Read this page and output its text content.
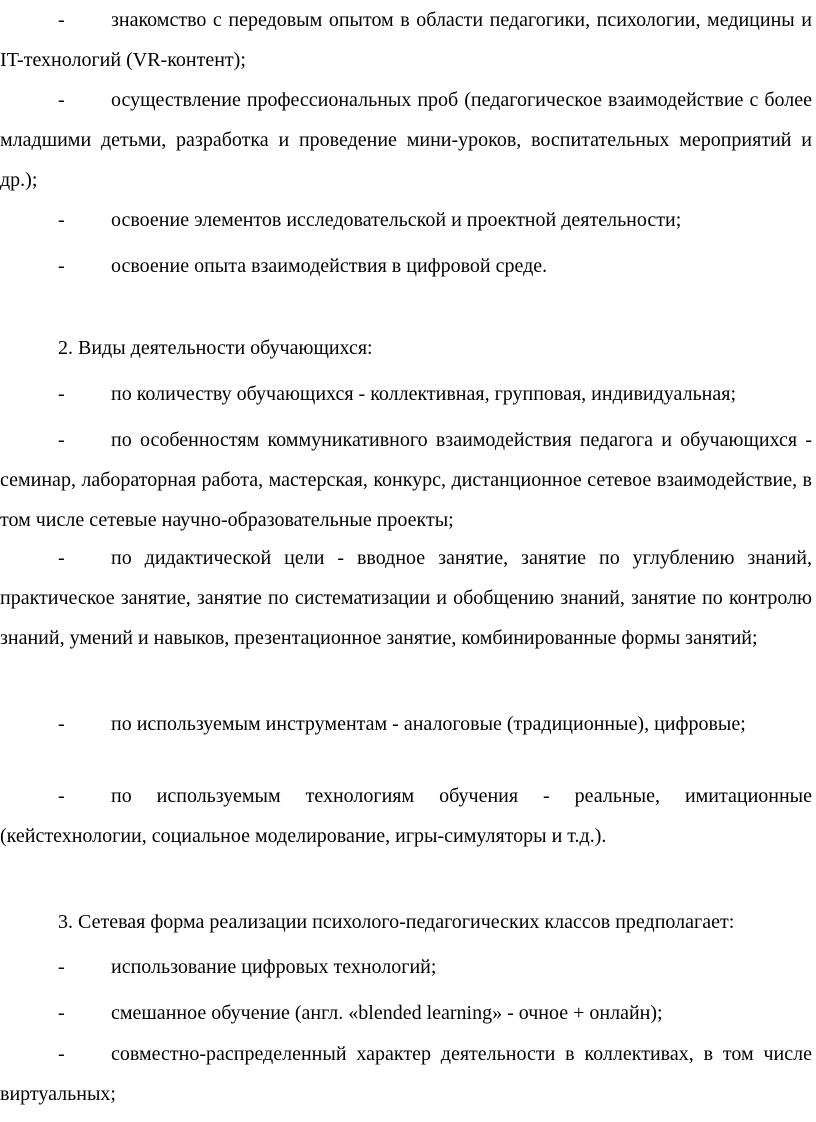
- знакомство с передовым опытом в области педагогики, психологии, медицины и IT-технологий (VR-контент);

- осуществление профессиональных проб (педагогическое взаимодействие с более младшими детьми, разработка и проведение мини-уроков, воспитательных мероприятий и др.);

- освоение элементов исследовательской и проектной деятельности;

- освоение опыта взаимодействия в цифровой среде.

2. Виды деятельности обучающихся:

- по количеству обучающихся - коллективная, групповая, индивидуальная;

- по особенностям коммуникативного взаимодействия педагога и обучающихся - семинар, лабораторная работа, мастерская, конкурс, дистанционное сетевое взаимодействие, в том числе сетевые научно-образовательные проекты;

- по дидактической цели - вводное занятие, занятие по углублению знаний, практическое занятие, занятие по систематизации и обобщению знаний, занятие по контролю знаний, умений и навыков, презентационное занятие, комбинированные формы занятий;

- по используемым инструментам - аналоговые (традиционные), цифровые;

- по используемым технологиям обучения - реальные, имитационные (кейстехнологии, социальное моделирование, игры-симуляторы и т.д.).

3. Сетевая форма реализации психолого-педагогических классов предполагает:

- использование цифровых технологий;

- смешанное обучение (англ. «blended learning» - очное + онлайн);

- совместно-распределенный характер деятельности в коллективах, в том числе виртуальных;
